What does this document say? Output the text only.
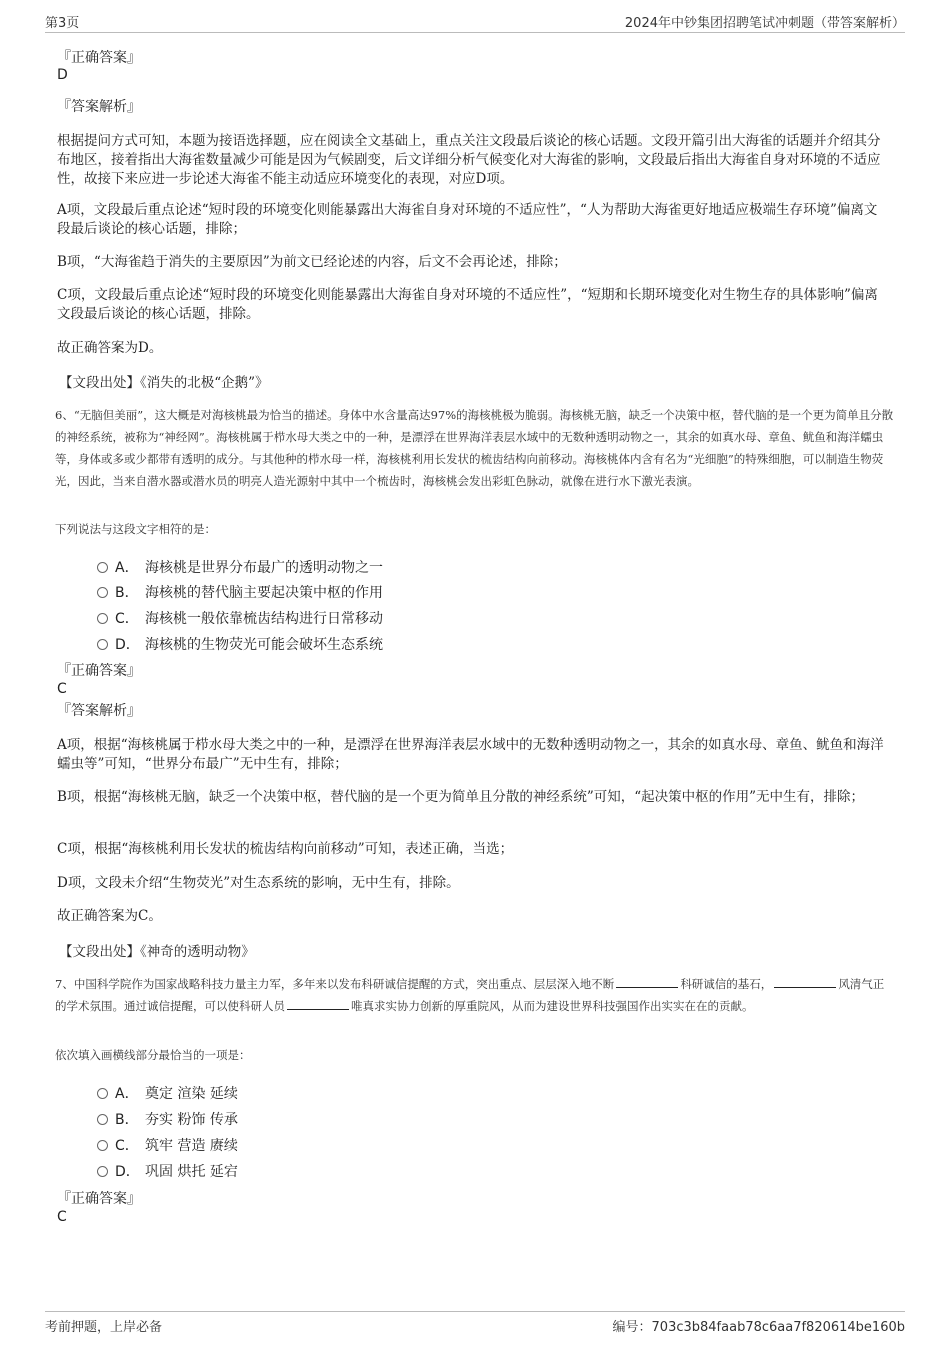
第3页	2024年中钞集团招聘笔试冲刺题（带答案解析）

『正确答案』

D

『答案解析』

根据提问方式可知，本题为接语选择题，应在阅读全文基础上，重点关注文段最后谈论的核心话题。文段开篇引出大海雀的话题并介绍其分布地区，接着指出大海雀数量减少可能是因为气候剧变，后文详细分析气候变化对大海雀的影响，文段最后指出大海雀自身对环境的不适应性，故接下来应进一步论述大海雀不能主动适应环境变化的表现，对应D项。

A项，文段最后重点论述“短时段的环境变化则能暴露出大海雀自身对环境的不适应性”，“人为帮助大海雀更好地适应极端生存环境”偏离文段最后谈论的核心话题，排除；

B项，“大海雀趋于消失的主要原因”为前文已经论述的内容，后文不会再论述，排除；

C项，文段最后重点论述“短时段的环境变化则能暴露出大海雀自身对环境的不适应性”，“短期和长期环境变化对生物生存的具体影响”偏离文段最后谈论的核心话题，排除。

故正确答案为D。

【文段出处】《消失的北极“企鹅”》

6、“无脑但美丽”，这大概是对海核桃最为恰当的描述。身体中水含量高达97%的海核桃极为脆弱。海核桃无脑，缺乏一个决策中枢，替代脑的是一个更为简单且分散的神经系统，被称为“神经网”。海核桃属于栉水母大类之中的一种，是漂浮在世界海洋表层水域中的无数种透明动物之一，其余的如真水母、章鱼、鱿鱼和海洋蠕虫等，身体或多或少都带有透明的成分。与其他种的栉水母一样，海核桃利用长发状的梳齿结构向前移动。海核桃体内含有名为“光细胞”的特殊细胞，可以制造生物荧光，因此，当来自潜水器或潜水员的明亮人造光源射中其中一个梳齿时，海核桃会发出彩虹色脉动，就像在进行水下激光表演。

下列说法与这段文字相符的是：

A． 海核桃是世界分布最广的透明动物之一
B． 海核桃的替代脑主要起决策中枢的作用
C． 海核桃一般依靠梳齿结构进行日常移动
D． 海核桃的生物荧光可能会破坏生态系统

『正确答案』

C

『答案解析』

A项，根据“海核桃属于栉水母大类之中的一种，是漂浮在世界海洋表层水域中的无数种透明动物之一，其余的如真水母、章鱼、鱿鱼和海洋蠕虫等”可知，“世界分布最广”无中生有，排除；

B项，根据“海核桃无脑，缺乏一个决策中枢，替代脑的是一个更为简单且分散的神经系统”可知，“起决策中枢的作用”无中生有，排除；

C项，根据“海核桃利用长发状的梳齿结构向前移动”可知，表述正确，当选；

D项，文段未介绍“生物荧光”对生态系统的影响，无中生有，排除。

故正确答案为C。

【文段出处】《神奇的透明动物》

7、中国科学院作为国家战略科技力量主力军，多年来以发布科研诚信提醒的方式，突出重点、层层深入地不断	科研诚信的基石，	风清气正的学术氛围。通过诚信提醒，可以使科研人员	唯真求实协力创新的厚重院风，从而为建设世界科技强国作出实实在在的贡献。

依次填入画横线部分最恰当的一项是：

A． 奠定 渲染 延续
B． 夯实 粉饰 传承
C． 筑牢 营造 赓续
D． 巩固 烘托 延宕

『正确答案』

C

考前押题，上岸必备	编号：703c3b84faab78c6aa7f820614be160b
